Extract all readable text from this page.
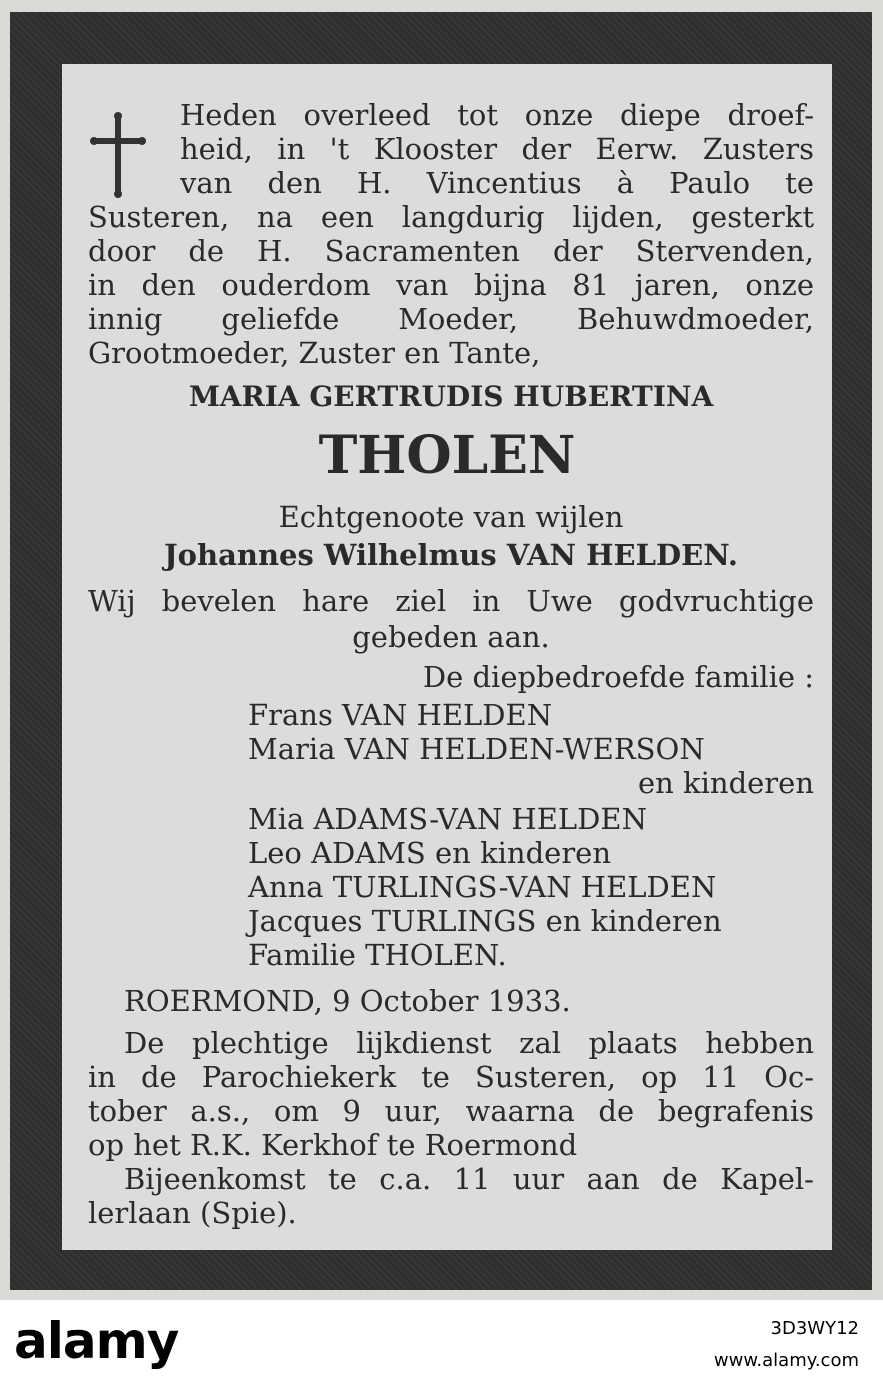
Heden overleed tot onze diepe droef-
heid, in 't Klooster der Eerw. Zusters
van den H. Vincentius à Paulo te
Susteren, na een langdurig lijden, gesterkt
door de H. Sacramenten der Stervenden,
in den ouderdom van bijna 81 jaren, onze
innig geliefde Moeder, Behuwdmoeder,
Grootmoeder, Zuster en Tante,
MARIA GERTRUDIS HUBERTINA
THOLEN
Echtgenoote van wijlen
Johannes Wilhelmus VAN HELDEN.
Wij bevelen hare ziel in Uwe godvruchtige
gebeden aan.
De diepbedroefde familie :
Frans VAN HELDEN
Maria VAN HELDEN-WERSON
en kinderen
Mia ADAMS-VAN HELDEN
Leo ADAMS en kinderen
Anna TURLINGS-VAN HELDEN
Jacques TURLINGS en kinderen
Familie THOLEN.
ROERMOND, 9 October 1933.
De plechtige lijkdienst zal plaats hebben
in de Parochiekerk te Susteren, op 11 Oc-
tober a.s., om 9 uur, waarna de begrafenis
op het R.K. Kerkhof te Roermond
Bijeenkomst te c.a. 11 uur aan de Kapel-
lerlaan (Spie).
alamy	3D3WY12
www.alamy.com
